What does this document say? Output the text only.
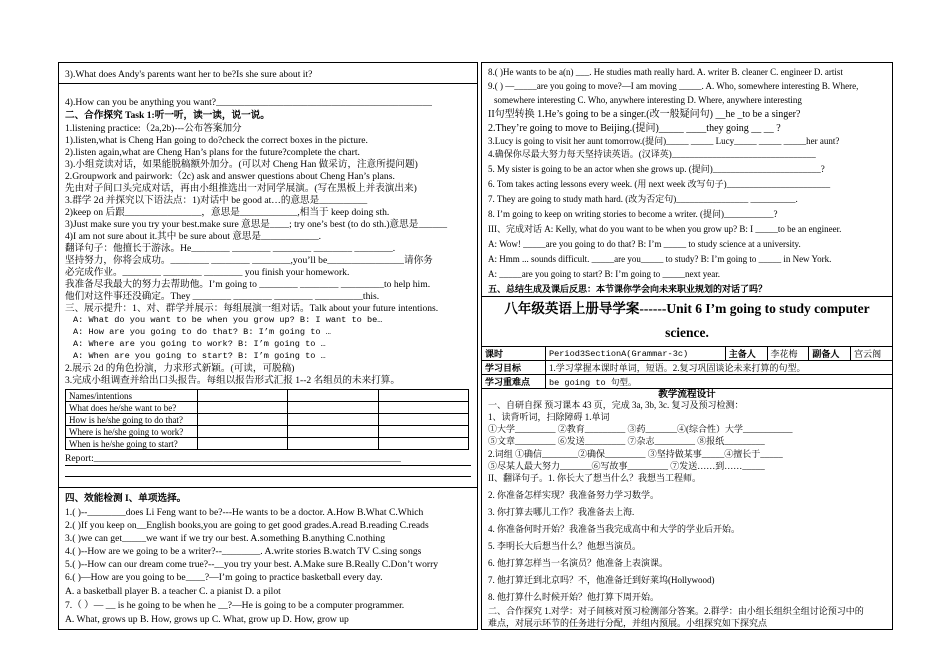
3).What does Andy's parents want her to be?Is she sure about it?
4).How can you be anything you want?_____________________________________________
二、合作探究 Task 1:听一听，读一读，说一说。
1.listening practice:（2a,2b)---公布答案加分
1).listen,what is Cheng Han going to do?check the correct boxes in the picture.
2).listen again,what are Cheng Han’s plans for the future?complete the chart.
3).小组竞读对话，如果能脱稿额外加分。(可以对 Cheng Han 做采访，注意所提问题)
2.Groupwork and pairwork:（2c) ask and answer questions about Cheng Han’s plans.
先由对子间口头完成对话，再由小组推选出一对同学展演。(写在黑板上并表演出来)
3.群学 2d 并探究以下语法点：1)对话中 be good at…的意思是__________
2)keep on 后跟________________，意思是____________,相当于 keep doing sth.
3)Just make sure you try your best.make sure 意思是____; try one’s best (to do sth.)意思是______
4)I am not sure about it.其中 be sure about 意思是____________.
翻译句子：他擅长于游泳。He________ ________ ________ ________ ________.
坚持努力，你将会成功。________ ________ ________,you’ll be________________请你务
必完成作业。________ ________ ________ you finish your homework.
我准备尽我最大的努力去帮助他。I’m going to ________ ________ _________to help him.
他们对这件事还没确定。They ________ ________ ________ __________this.
三、展示提升：1、对、群学并展示：每组展演一组对话。Talk about your future intentions.
A: What do you want to be when you grow up? B: I want to be…
A: How are you going to do that? B: I’m going to …
A: Where are you going to work? B: I’m going to …
A: When are you going to start? B: I’m going to …
2.展示 2d 的角色扮演，力求形式新颖。(可读，可脱稿)
3.完成小组调查并给出口头报告。每组以报告形式汇报 1--2 名组员的未来打算。
Names/intentions			
What does he/she want to be?			
How is he/she going to do that?			
Where is he/she going to work?			
When is he/she going to start?			
Report:________________________________________________________________
四、效能检测 I、单项选择。
1.( )--________does Li Feng want to be?---He wants to be a doctor. A.How B.What C.Which
2.( )If you keep on__English books,you are going to get good grades.A.read B.reading C.reads
3.( )we can get_____we want if we try our best. A.something B.anything C.nothing
4.( )--How are we going to be a writer?--________. A.write stories B.watch TV C.sing songs
5.( )--How can our dream come true?--__you try your best. A.Make sure B.Really C.Don’t worry
6.( )—How are you going to be____?—I’m going to practice basketball every day.
A. a basketball player B. a teacher C. a pianist D. a pilot
7.（ ）— __ is he going to be when he __?—He is going to be a computer programmer.
A. What, grows up B. How, grows up C. What, grow up D. How, grow up
8.( )He wants to be a(n) ___. He studies math really hard. A. writer B. cleaner C. engineer D. artist
9.( ) —_____are you going to move?—I am moving _____. A. Who, somewhere interesting B. Where,
somewhere interesting C. Who, anywhere interesting D. Where, anywhere interesting
II句型转换 1.He’s going to be a singer.(改一般疑问句) __he _to be a singer?
2.They’re going to move to Beijing.(提问)_____ ____they going __ __ ?
3.Lucy is going to visit her aunt tomorrow.(提问)_____ _____ Lucy_____ _____ _____her aunt?
4.确保你尽最大努力每天坚持读英语。(汉译英)________________________________
5. My sister is going to be an actor when she grows up. (提问)________________________?
6. Tom takes acting lessons every week. (用 next week 改写句子)_______________________
7. They are going to study math hard. (改为否定句)________________ __________.
8. I’m going to keep on writing stories to become a writer. (提问)___________?
III、完成对话 A: Kelly, what do you want to be when you grow up? B: I _____to be an engineer.
A: Wow! _____are you going to do that? B: I’m _____ to study science at a university.
A: Hmm ... sounds difficult. _____are you_____ to study? B: I’m going to _____ in New York.
A: _____are you going to start? B: I’m going to _____next year.
五、总结生成及课后反思：本节课你学会向未来职业规划的对话了吗？
八年级英语上册导学案------Unit 6 I’m going to study computer
science.
课时	Period3SectionA(Grammar-3c)	主备人	李花梅	副备人	宫云阁
学习目标	1.学习掌握本课时单词，短语。2.复习巩固谈论未来打算的句型。				
学习重难点	be going to 句型。				
教学流程设计
一、自研自探 预习课本 43 页，完成 3a, 3b, 3c. 复习及预习检测：
1、读背听词，扫除障碍 1.单词
①大学_________ ②教育_________ ③药_______④(综合性）大学___________
⑤文章_________ ⑥发送_________ ⑦杂志_________ ⑧报纸_________
2.词组 ①确信________②确保_________ ③坚持做某事_____④擅长于_____
⑤尽某人最大努力_______⑥写故事_________ ⑦发送……到……_____
II、翻译句子。1. 你长大了想当什么？我想当工程师。
2. 你准备怎样实现？我准备努力学习数学。
3. 你打算去哪儿工作？我准备去上海.
4. 你准备何时开始？我准备当我完成高中和大学的学业后开始。
5. 李明长大后想当什么？他想当演员。
6. 他打算怎样当一名演员？他准备上表演课。
7. 他打算迁到北京吗？不，他准备迁到好莱坞(Hollywood)
8. 他打算什么时候开始？他打算下周开始。
二、合作探究 1.对学：对子间核对预习检测部分答案。2.群学：由小组长组织全组讨论预习中的
难点，对展示环节的任务进行分配，并组内预展。小组探究如下探究点
